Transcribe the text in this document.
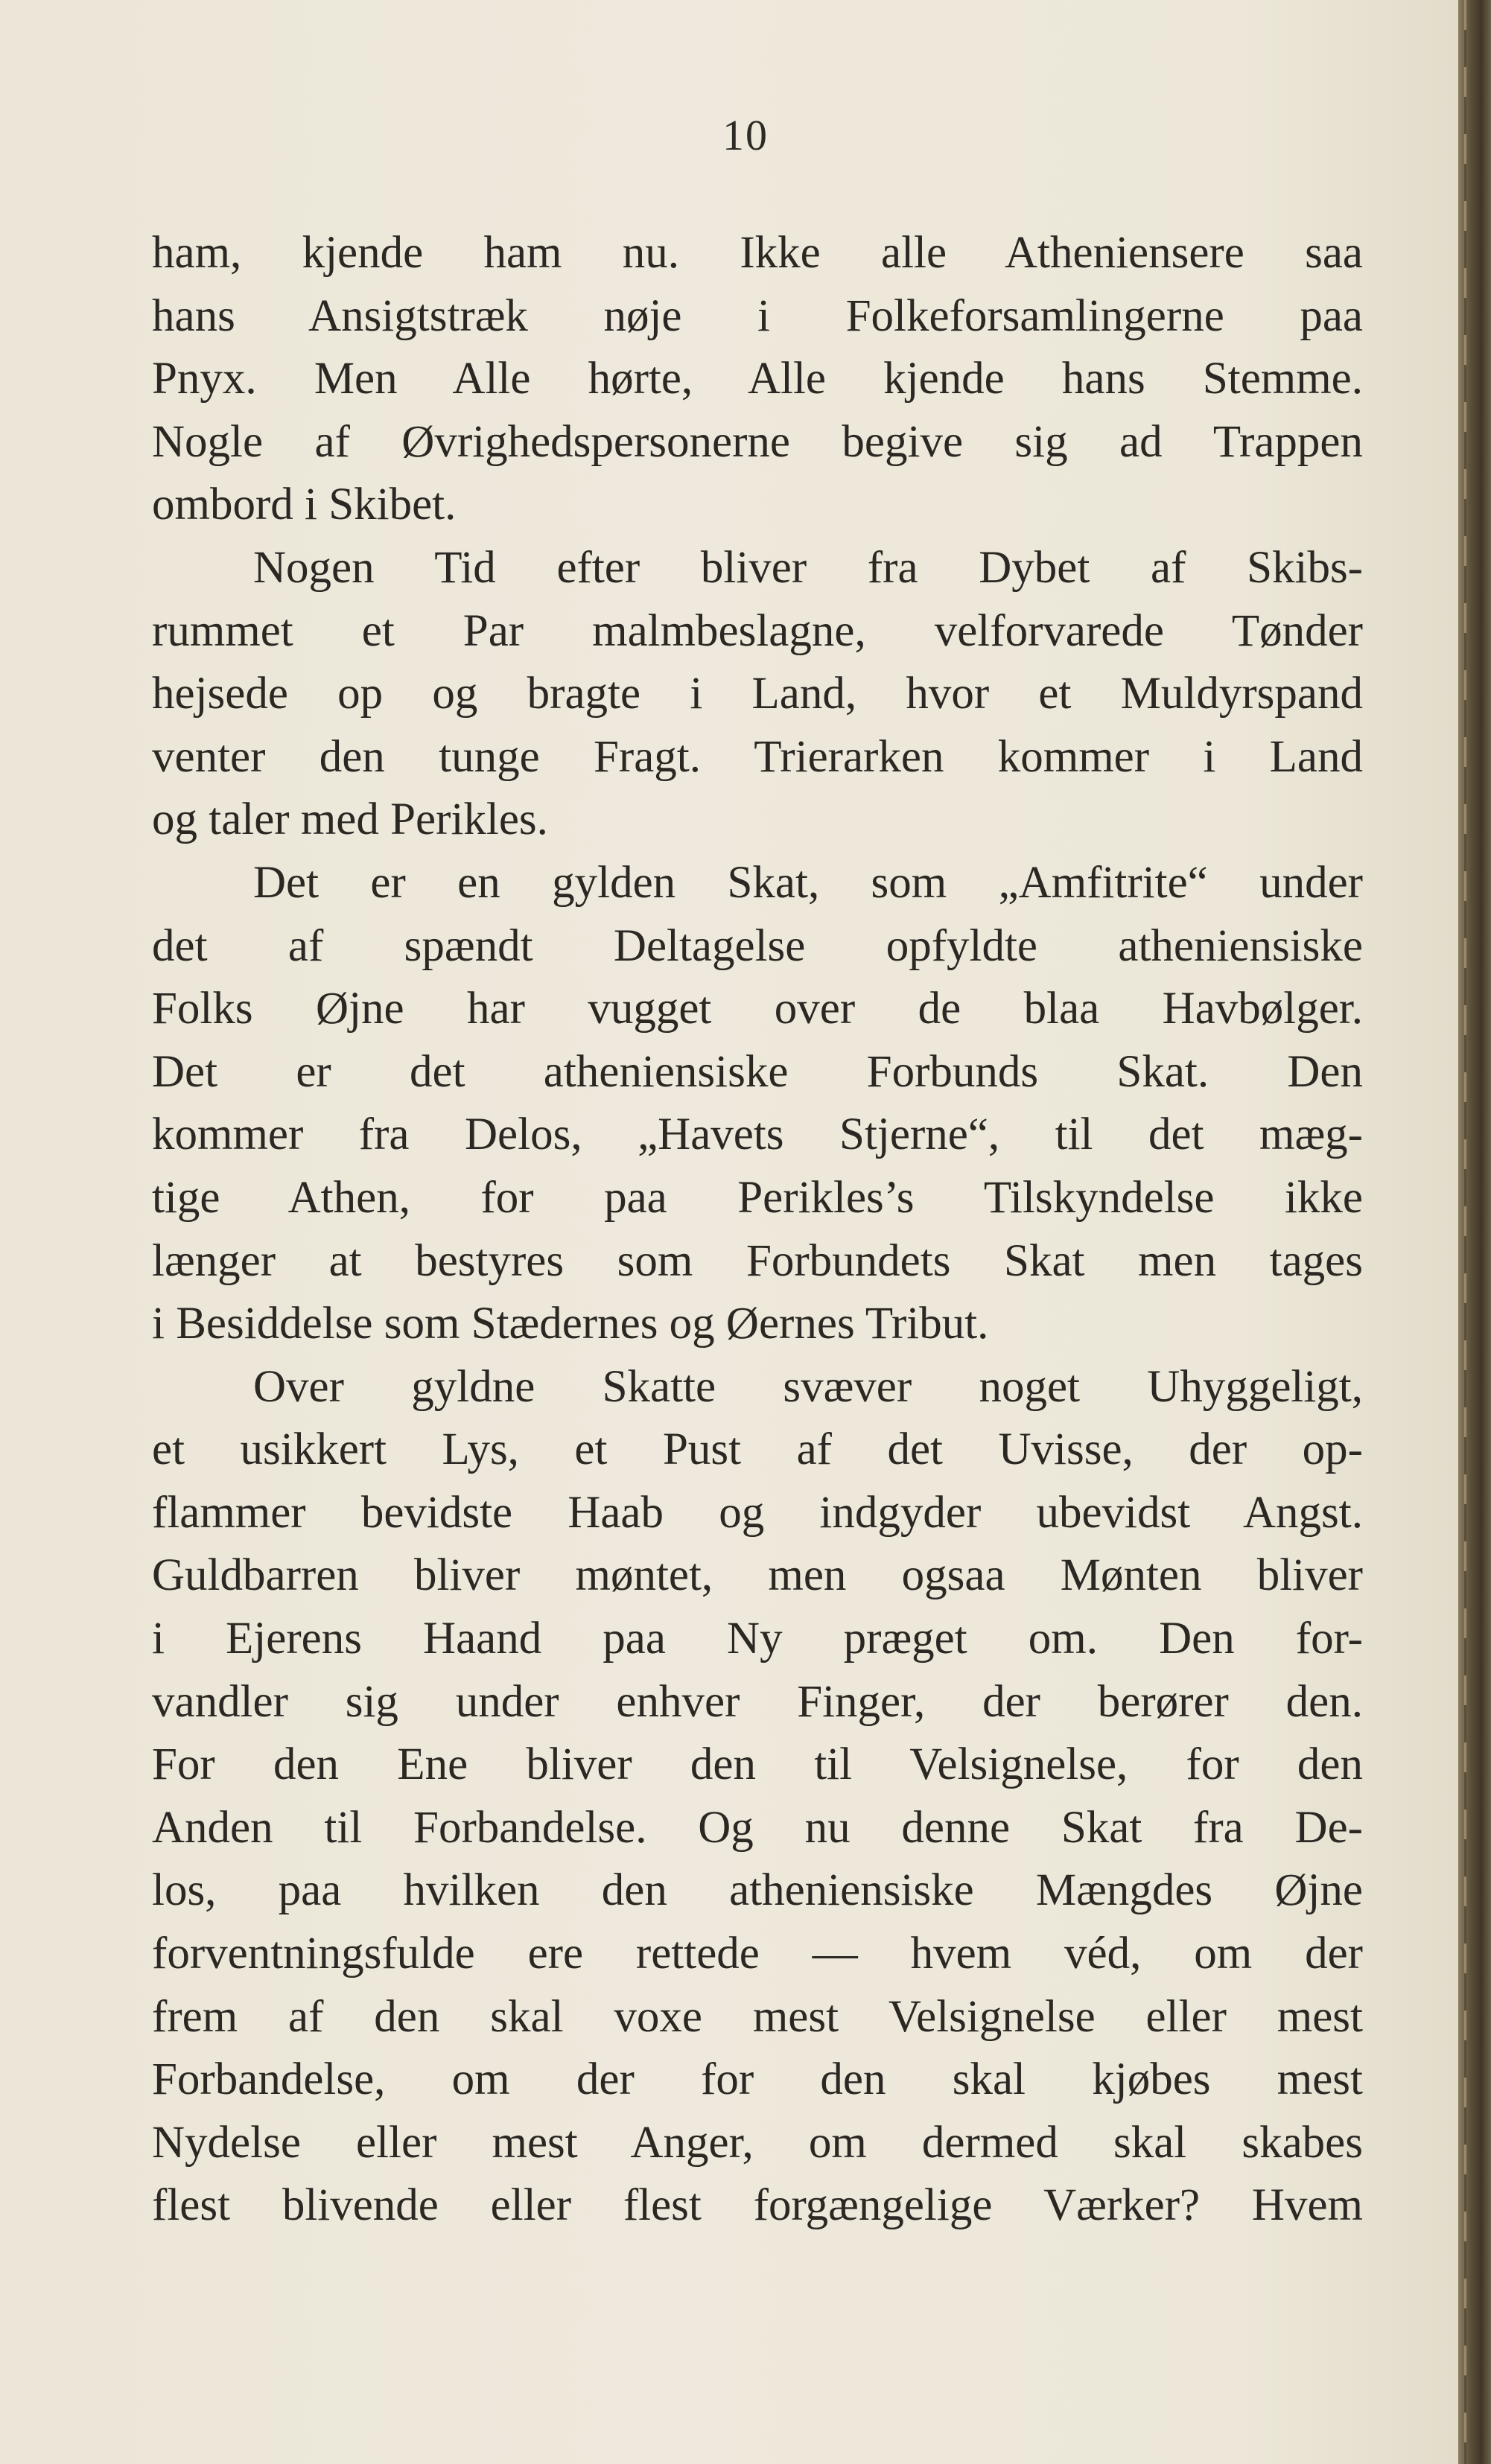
10
ham, kjende ham nu. Ikke alle Atheniensere saa
hans Ansigtstræk nøje i Folkeforsamlingerne paa
Pnyx. Men Alle hørte, Alle kjende hans Stemme.
Nogle af Øvrighedspersonerne begive sig ad Trappen
ombord i Skibet.
Nogen Tid efter bliver fra Dybet af Skibs-
rummet et Par malmbeslagne, velforvarede Tønder
hejsede op og bragte i Land, hvor et Muldyrspand
venter den tunge Fragt. Trierarken kommer i Land
og taler med Perikles.
Det er en gylden Skat, som „Amfitrite“ under
det af spændt Deltagelse opfyldte atheniensiske
Folks Øjne har vugget over de blaa Havbølger.
Det er det atheniensiske Forbunds Skat. Den
kommer fra Delos, „Havets Stjerne“, til det mæg-
tige Athen, for paa Perikles’s Tilskyndelse ikke
længer at bestyres som Forbundets Skat men tages
i Besiddelse som Stædernes og Øernes Tribut.
Over gyldne Skatte svæver noget Uhyggeligt,
et usikkert Lys, et Pust af det Uvisse, der op-
flammer bevidste Haab og indgyder ubevidst Angst.
Guldbarren bliver møntet, men ogsaa Mønten bliver
i Ejerens Haand paa Ny præget om. Den for-
vandler sig under enhver Finger, der berører den.
For den Ene bliver den til Velsignelse, for den
Anden til Forbandelse. Og nu denne Skat fra De-
los, paa hvilken den atheniensiske Mængdes Øjne
forventningsfulde ere rettede — hvem véd, om der
frem af den skal voxe mest Velsignelse eller mest
Forbandelse, om der for den skal kjøbes mest
Nydelse eller mest Anger, om dermed skal skabes
flest blivende eller flest forgængelige Værker? Hvem
